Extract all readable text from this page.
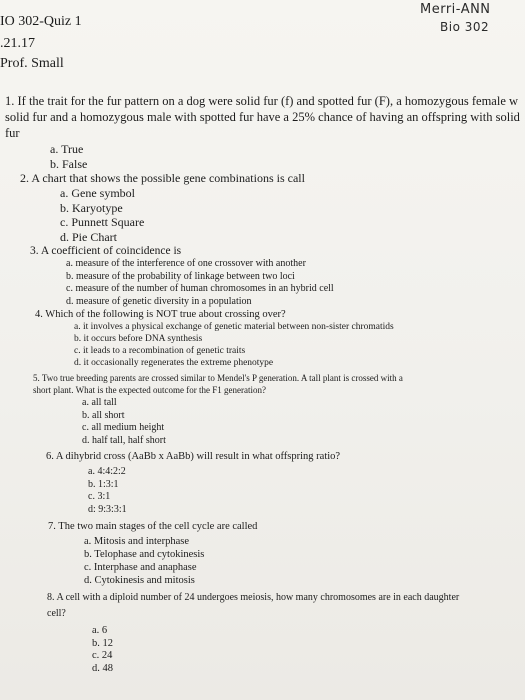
Merri-ANN
Bio 302
IO 302-Quiz 1
.21.17
Prof. Small
1. If the trait for the fur pattern on a dog were solid fur (f) and spotted fur (F), a homozygous female w
solid fur and a homozygous male with spotted fur have a 25% chance of having an offspring with solid
fur
a. True
b. False
2. A chart that shows the possible gene combinations is call
a. Gene symbol
b. Karyotype
c. Punnett Square
d. Pie Chart
3. A coefficient of coincidence is
a. measure of the interference of one crossover with another
b. measure of the probability of linkage between two loci
c. measure of the number of human chromosomes in an hybrid cell
d. measure of genetic diversity in a population
4. Which of the following is NOT true about crossing over?
a. it involves a physical exchange of genetic material between non-sister chromatids
b. it occurs before DNA synthesis
c. it leads to a recombination of genetic traits
d. it occasionally regenerates the extreme phenotype
5. Two true breeding parents are crossed similar to Mendel's P generation. A tall plant is crossed with a
short plant. What is the expected outcome for the F1 generation?
a. all tall
b. all short
c. all medium height
d. half tall, half short
6. A dihybrid cross (AaBb x AaBb) will result in what offspring ratio?
a. 4:4:2:2
b. 1:3:1
c. 3:1
d: 9:3:3:1
7. The two main stages of the cell cycle are called
a. Mitosis and interphase
b. Telophase and cytokinesis
c. Interphase and anaphase
d. Cytokinesis and mitosis
8. A cell with a diploid number of 24 undergoes meiosis, how many chromosomes are in each daughter
cell?
a. 6
b. 12
c. 24
d. 48
